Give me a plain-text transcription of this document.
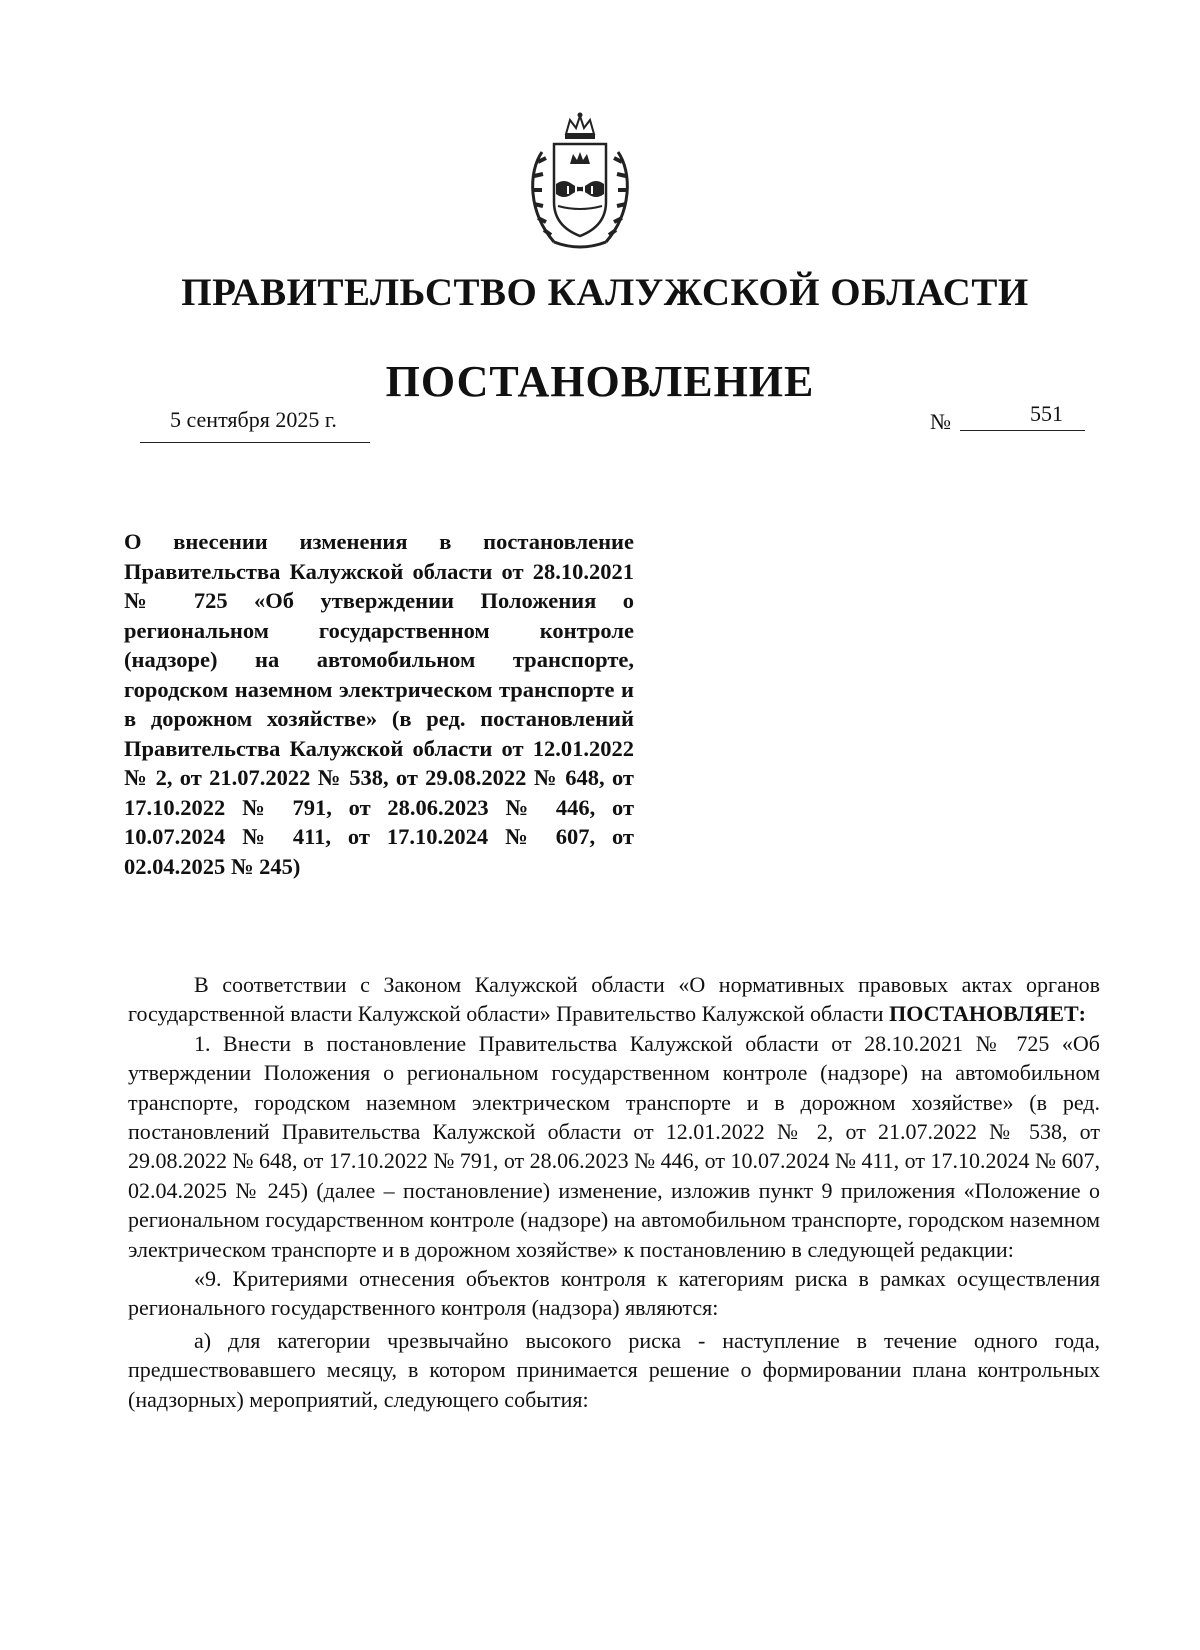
ПРАВИТЕЛЬСТВО КАЛУЖСКОЙ ОБЛАСТИ
ПОСТАНОВЛЕНИЕ
5 сентября 2025 г.	№	551
О внесении изменения в постановление Правительства Калужской области от 28.10.2021 № 725 «Об утверждении Положения о региональном государственном контроле (надзоре) на автомобильном транспорте, городском наземном электрическом транспорте и в дорожном хозяйстве» (в ред. постановлений Правительства Калужской области от 12.01.2022 № 2, от 21.07.2022 № 538, от 29.08.2022 № 648, от 17.10.2022 № 791, от 28.06.2023 № 446, от 10.07.2024 № 411, от 17.10.2024 № 607, от 02.04.2025 № 245)

В соответствии с Законом Калужской области «О нормативных правовых актах органов государственной власти Калужской области» Правительство Калужской области ПОСТАНОВЛЯЕТ:

1. Внести в постановление Правительства Калужской области от 28.10.2021 № 725 «Об утверждении Положения о региональном государственном контроле (надзоре) на автомобильном транспорте, городском наземном электрическом транспорте и в дорожном хозяйстве» (в ред. постановлений Правительства Калужской области от 12.01.2022 № 2, от 21.07.2022 № 538, от 29.08.2022 № 648, от 17.10.2022 № 791, от 28.06.2023 № 446, от 10.07.2024 № 411, от 17.10.2024 № 607, 02.04.2025 № 245) (далее – постановление) изменение, изложив пункт 9 приложения «Положение о региональном государственном контроле (надзоре) на автомобильном транспорте, городском наземном электрическом транспорте и в дорожном хозяйстве» к постановлению в следующей редакции:

«9. Критериями отнесения объектов контроля к категориям риска в рамках осуществления регионального государственного контроля (надзора) являются:

а) для категории чрезвычайно высокого риска - наступление в течение одного года, предшествовавшего месяцу, в котором принимается решение о формировании плана контрольных (надзорных) мероприятий, следующего события:
